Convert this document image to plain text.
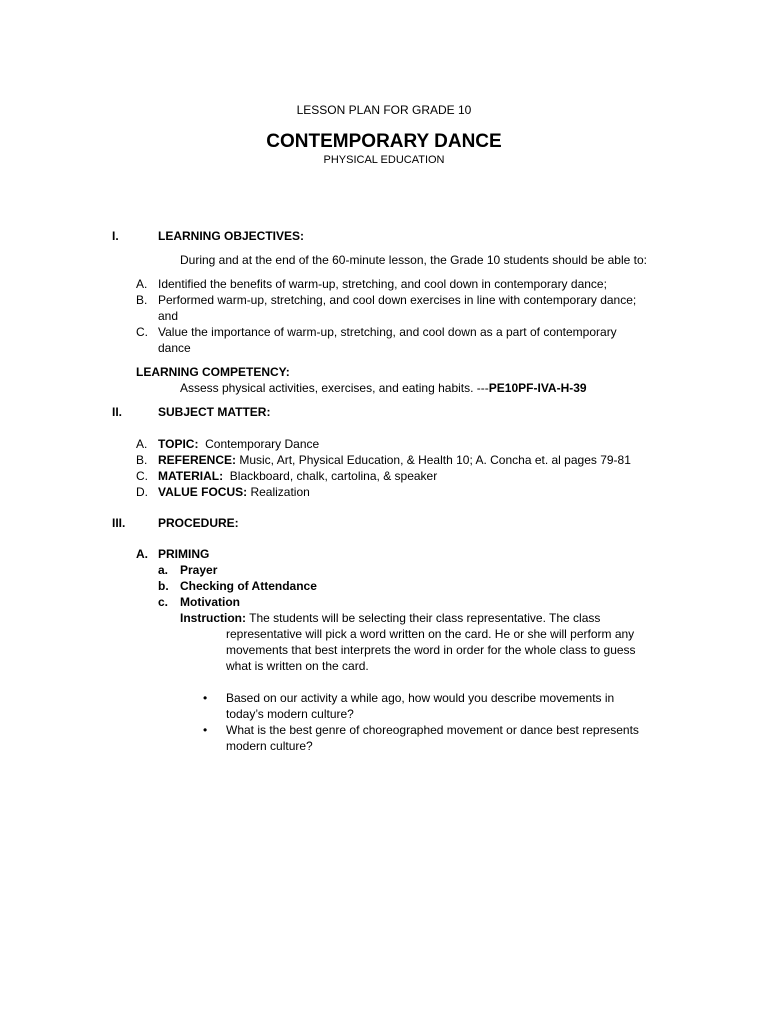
LESSON PLAN FOR GRADE 10
CONTEMPORARY DANCE
PHYSICAL EDUCATION
I.	LEARNING OBJECTIVES:
During and at the end of the 60-minute lesson, the Grade 10 students should be able to:
A. Identified the benefits of warm-up, stretching, and cool down in contemporary dance;
B. Performed warm-up, stretching, and cool down exercises in line with contemporary dance;
and
C. Value the importance of warm-up, stretching, and cool down as a part of contemporary
dance
LEARNING COMPETENCY:
Assess physical activities, exercises, and eating habits. ---PE10PF-IVA-H-39
II.	SUBJECT MATTER:
A. TOPIC:  Contemporary Dance
B. REFERENCE: Music, Art, Physical Education, & Health 10; A. Concha et. al pages 79-81
C. MATERIAL:  Blackboard, chalk, cartolina, & speaker
D. VALUE FOCUS: Realization
III.	PROCEDURE:
A. PRIMING
a. Prayer
b. Checking of Attendance
c. Motivation
Instruction: The students will be selecting their class representative. The class
representative will pick a word written on the card. He or she will perform any
movements that best interprets the word in order for the whole class to guess
what is written on the card.
• Based on our activity a while ago, how would you describe movements in
today’s modern culture?
• What is the best genre of choreographed movement or dance best represents
modern culture?
